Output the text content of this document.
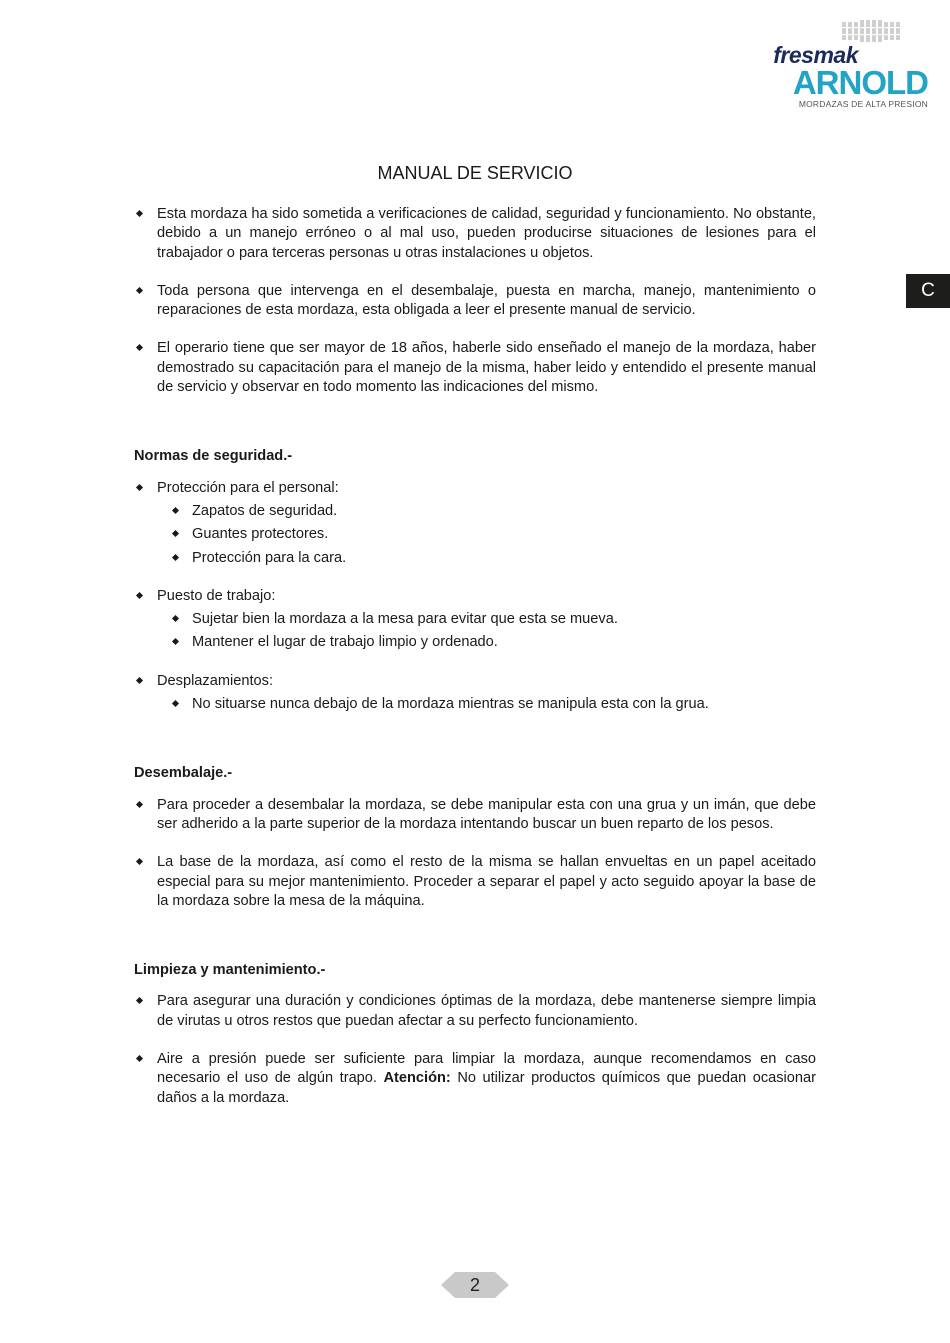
fresmak
ARNOLD
MORDAZAS DE ALTA PRESION
C
MANUAL DE SERVICIO
Esta mordaza ha sido sometida a verificaciones de calidad, seguridad y funcionamiento. No obstante, debido a un manejo erróneo o al mal uso, pueden producirse situaciones de lesiones para el trabajador o para terceras personas u otras instalaciones u objetos.
Toda persona que intervenga en el desembalaje, puesta en marcha, manejo, mantenimiento o reparaciones de esta mordaza, esta obligada a leer el presente manual de servicio.
El operario tiene que ser mayor de 18 años, haberle sido enseñado el manejo de la mordaza, haber demostrado su capacitación para el manejo de la misma, haber leido y entendido el presente manual de servicio y observar en todo momento las indicaciones del mismo.
Normas de seguridad.-
Protección para el personal:
Zapatos de seguridad.
Guantes protectores.
Protección para la cara.
Puesto de trabajo:
Sujetar bien la mordaza a la mesa para evitar que esta se mueva.
Mantener el lugar de trabajo limpio y ordenado.
Desplazamientos:
No situarse nunca debajo de la mordaza mientras se manipula esta con la grua.
Desembalaje.-
Para proceder a desembalar la mordaza, se debe manipular esta con una grua y un imán, que debe ser adherido a la parte superior de la mordaza intentando buscar un buen reparto de los pesos.
La base de la mordaza, así como el resto de la misma se hallan envueltas en un papel aceitado especial para su mejor mantenimiento. Proceder a separar el papel y acto seguido apoyar la base de la mordaza sobre la mesa de la máquina.
Limpieza y mantenimiento.-
Para asegurar una duración y condiciones óptimas de la mordaza, debe mantenerse siempre limpia de virutas u otros restos que puedan afectar a su perfecto funcionamiento.
Aire a presión puede ser suficiente para limpiar la mordaza, aunque recomendamos en caso necesario el uso de algún trapo. Atención: No utilizar productos químicos que puedan ocasionar daños a la mordaza.
2
